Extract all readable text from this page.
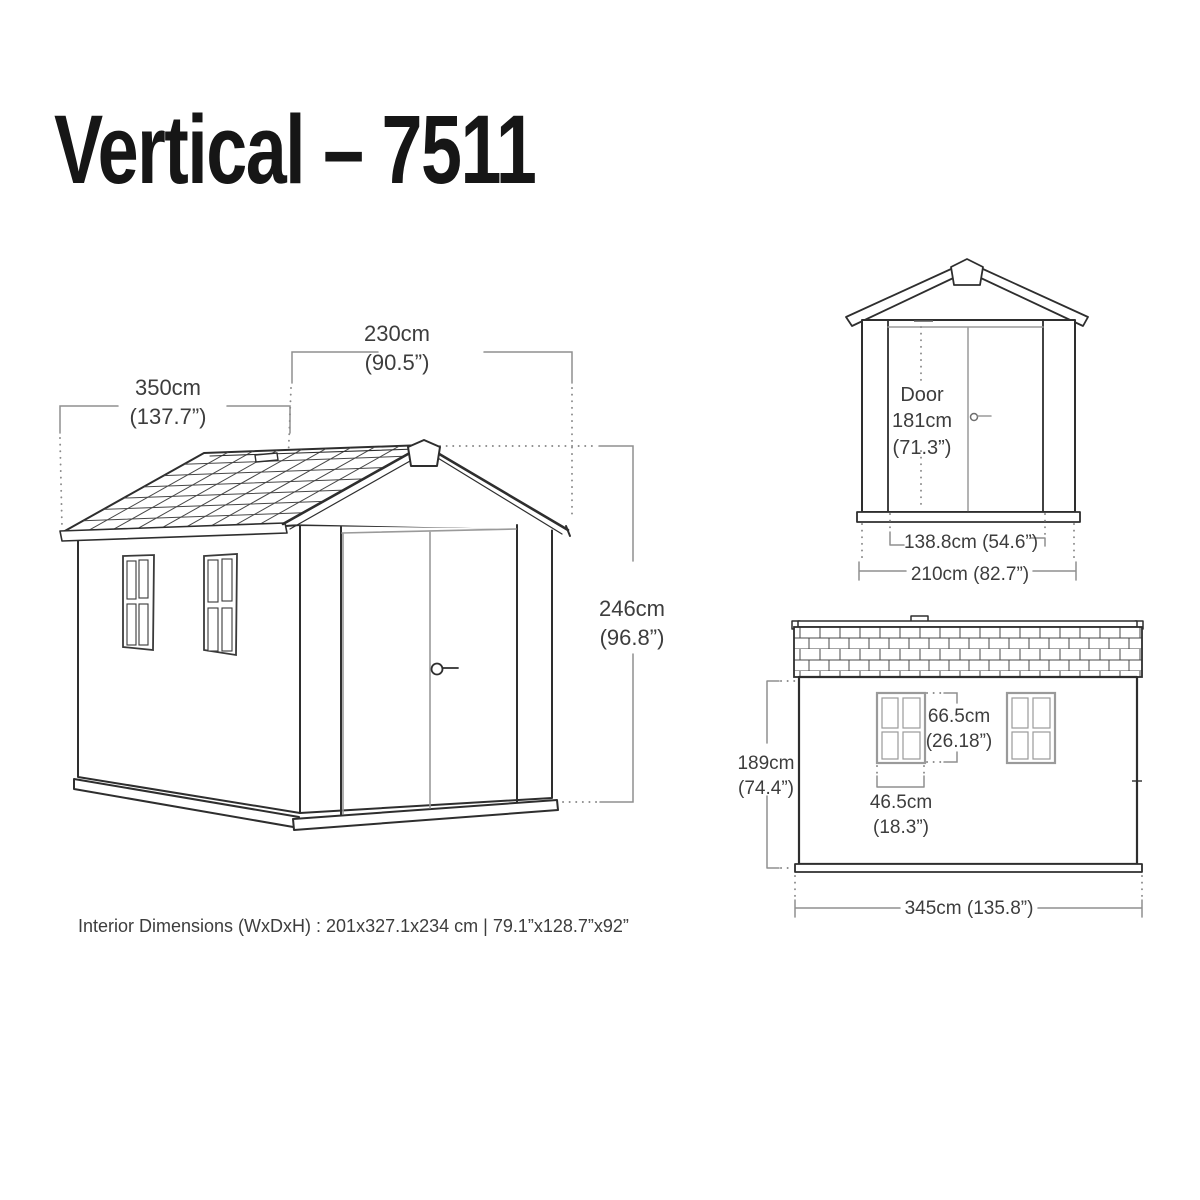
Vertical – 7511
350cm
(137.7”)
230cm
(90.5”)
246cm
(96.8”)
Door
181cm
(71.3”)
138.8cm (54.6”)
210cm (82.7”)
66.5cm
(26.18”)
46.5cm
(18.3”)
189cm
(74.4”)
345cm (135.8”)
Interior Dimensions (WxDxH) : 201x327.1x234 cm | 79.1”x128.7”x92”
